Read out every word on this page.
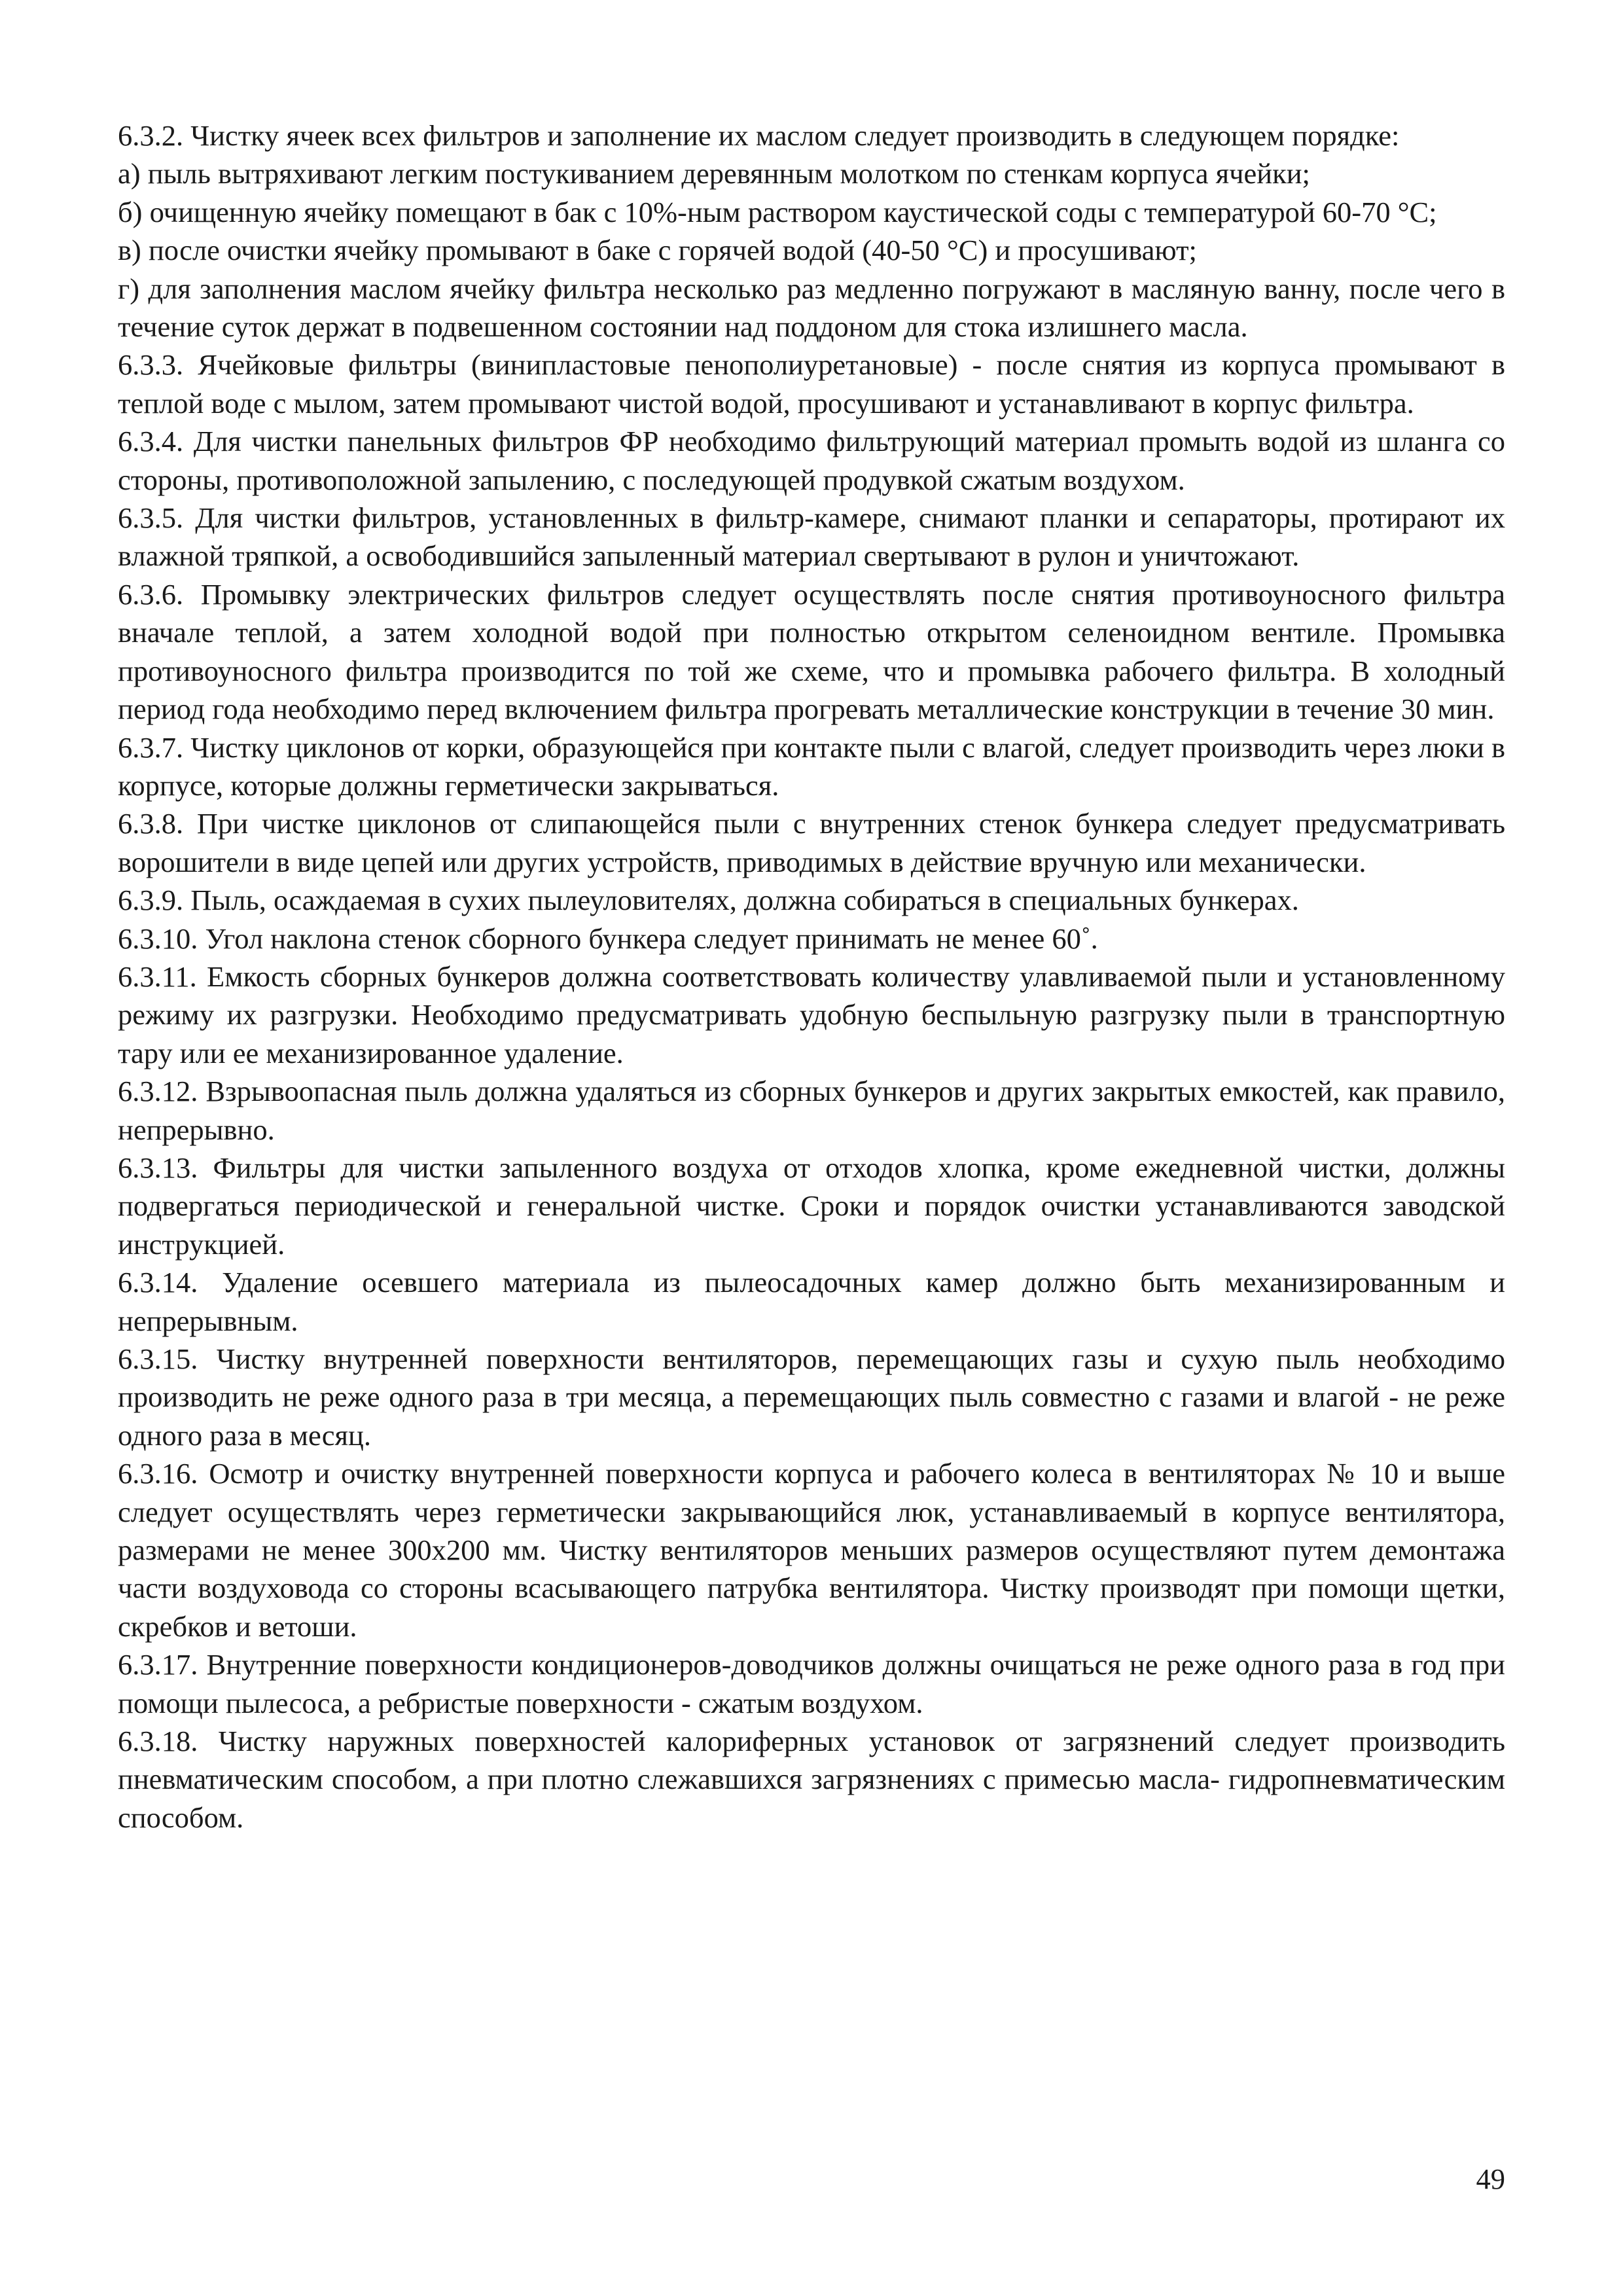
6.3.2. Чистку ячеек всех фильтров и заполнение их маслом следует производить в следующем порядке:

а) пыль вытряхивают легким постукиванием деревянным молотком по стенкам корпуса ячейки;

б) очищенную ячейку помещают в бак с 10%-ным раствором каустической соды с температурой 60-70 °С;

в) после очистки ячейку промывают в баке с горячей водой (40-50 °С) и просушивают;

г) для заполнения маслом ячейку фильтра несколько раз медленно погружают в масляную ванну, после чего в течение суток держат в подвешенном состоянии над поддоном для стока излишнего масла.

6.3.3. Ячейковые фильтры (винипластовые пенополиуретановые) - после снятия из корпуса промывают в теплой воде с мылом, затем промывают чистой водой, просушивают и устанавливают в корпус фильтра.

6.3.4. Для чистки панельных фильтров ФР необходимо фильтрующий материал промыть водой из шланга со стороны, противоположной запылению, с последующей продувкой сжатым воздухом.

6.3.5. Для чистки фильтров, установленных в фильтр-камере, снимают планки и сепараторы, протирают их влажной тряпкой, а освободившийся запыленный материал свертывают в рулон и уничтожают.

6.3.6. Промывку электрических фильтров следует осуществлять после снятия противоуносного фильтра вначале теплой, а затем холодной водой при полностью открытом селеноидном вентиле. Промывка противоуносного фильтра производится по той же схеме, что и промывка рабочего фильтра. В холодный период года необходимо перед включением фильтра прогревать металлические конструкции в течение 30 мин.

6.3.7. Чистку циклонов от корки, образующейся при контакте пыли с влагой, следует производить через люки в корпусе, которые должны герметически закрываться.

6.3.8. При чистке циклонов от слипающейся пыли с внутренних стенок бункера следует предусматривать ворошители в виде цепей или других устройств, приводимых в действие вручную или механически.

6.3.9. Пыль, осаждаемая в сухих пылеуловителях, должна собираться в специальных бункерах.

6.3.10. Угол наклона стенок сборного бункера следует принимать не менее 60˚.

6.3.11. Емкость сборных бункеров должна соответствовать количеству улавливаемой пыли и установленному режиму их разгрузки. Необходимо предусматривать удобную беспыльную разгрузку пыли в транспортную тару или ее механизированное удаление.

6.3.12. Взрывоопасная пыль должна удаляться из сборных бункеров и других закрытых емкостей, как правило, непрерывно.

6.3.13. Фильтры для чистки запыленного воздуха от отходов хлопка, кроме ежедневной чистки, должны подвергаться периодической и генеральной чистке. Сроки и порядок очистки устанавливаются заводской инструкцией.

6.3.14. Удаление осевшего материала из пылеосадочных камер должно быть механизированным и непрерывным.

6.3.15. Чистку внутренней поверхности вентиляторов, перемещающих газы и сухую пыль необходимо производить не реже одного раза в три месяца, а перемещающих пыль совместно с газами и влагой - не реже одного раза в месяц.

6.3.16. Осмотр и очистку внутренней поверхности корпуса и рабочего колеса в вентиляторах № 10 и выше следует осуществлять через герметически закрывающийся люк, устанавливаемый в корпусе вентилятора, размерами не менее 300х200 мм. Чистку вентиляторов меньших размеров осуществляют путем демонтажа части воздуховода со стороны всасывающего патрубка вентилятора. Чистку производят при помощи щетки, скребков и ветоши.

6.3.17. Внутренние поверхности кондиционеров-доводчиков должны очищаться не реже одного раза в год при помощи пылесоса, а ребристые поверхности - сжатым воздухом.

6.3.18. Чистку наружных поверхностей калориферных установок от загрязнений следует производить пневматическим способом, а при плотно слежавшихся загрязнениях с примесью масла- гидропневматическим способом.

49
